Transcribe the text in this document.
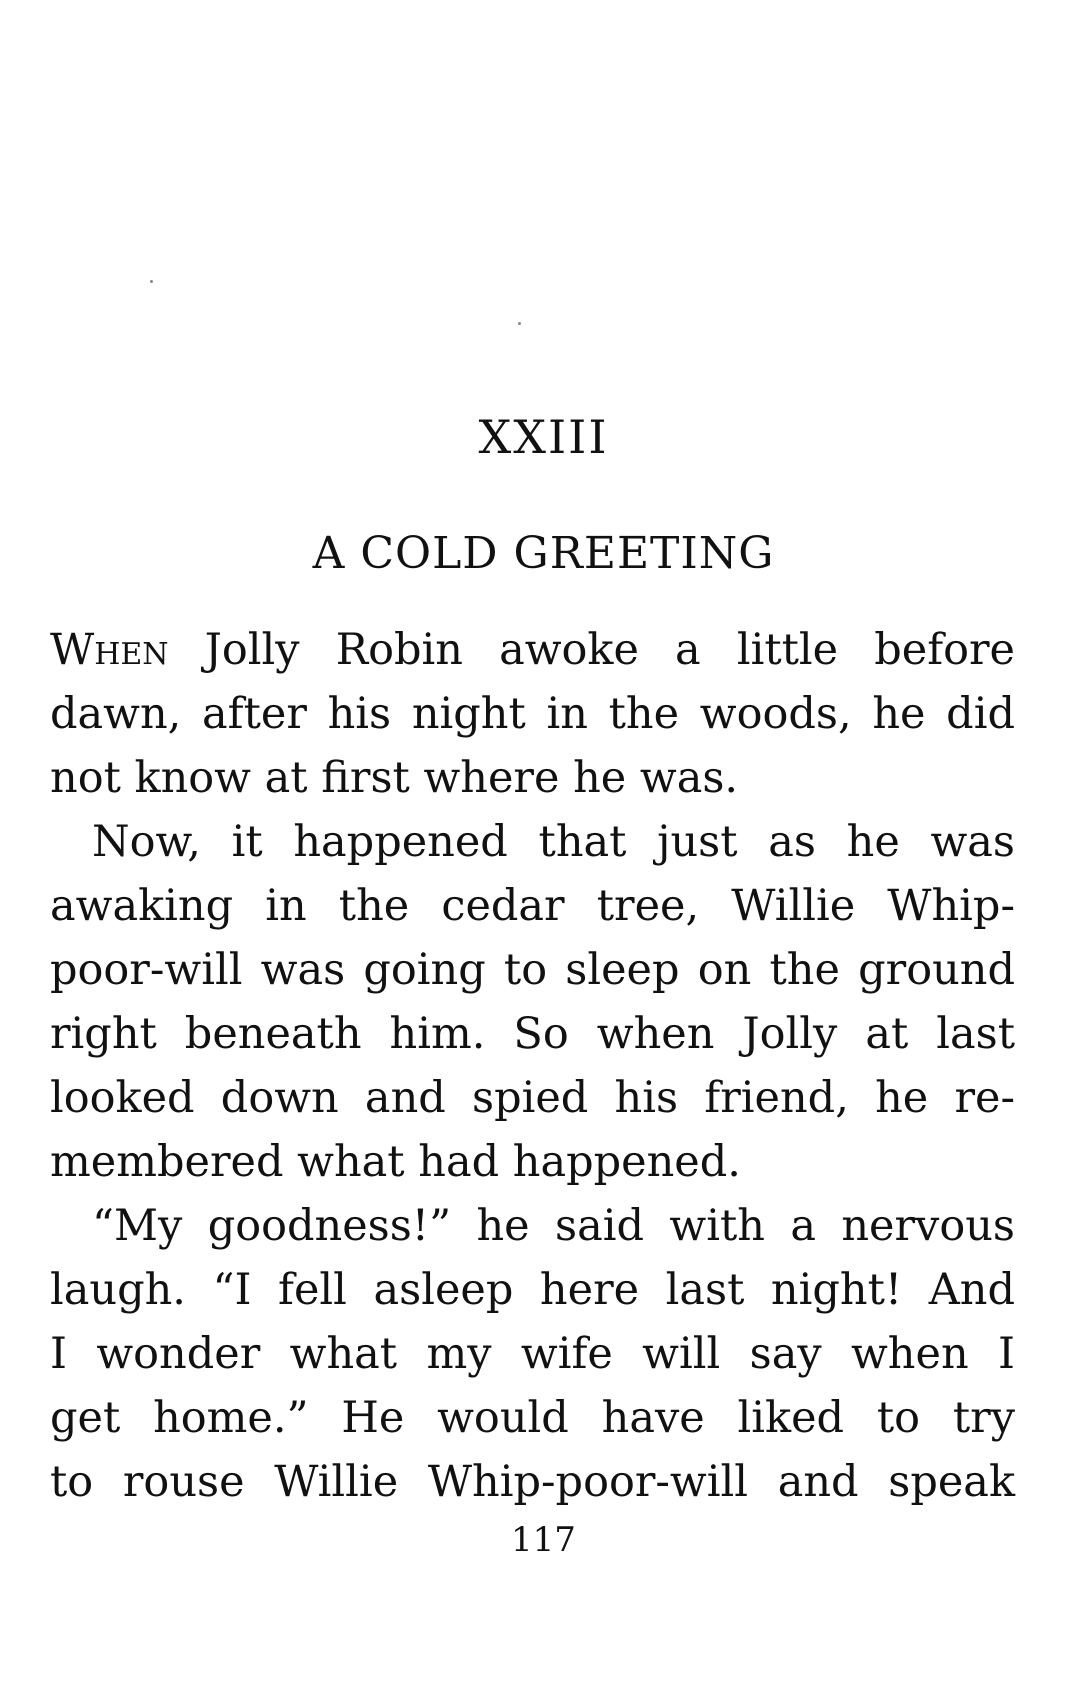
XXIII
A COLD GREETING

When Jolly Robin awoke a little before
dawn, after his night in the woods, he did
not know at first where he was.

Now, it happened that just as he was
awaking in the cedar tree, Willie Whip-
poor-will was going to sleep on the ground
right beneath him. So when Jolly at last
looked down and spied his friend, he re-
membered what had happened.

“My goodness!” he said with a nervous
laugh. “I fell asleep here last night! And
I wonder what my wife will say when I
get home.” He would have liked to try
to rouse Willie Whip-poor-will and speak

117
